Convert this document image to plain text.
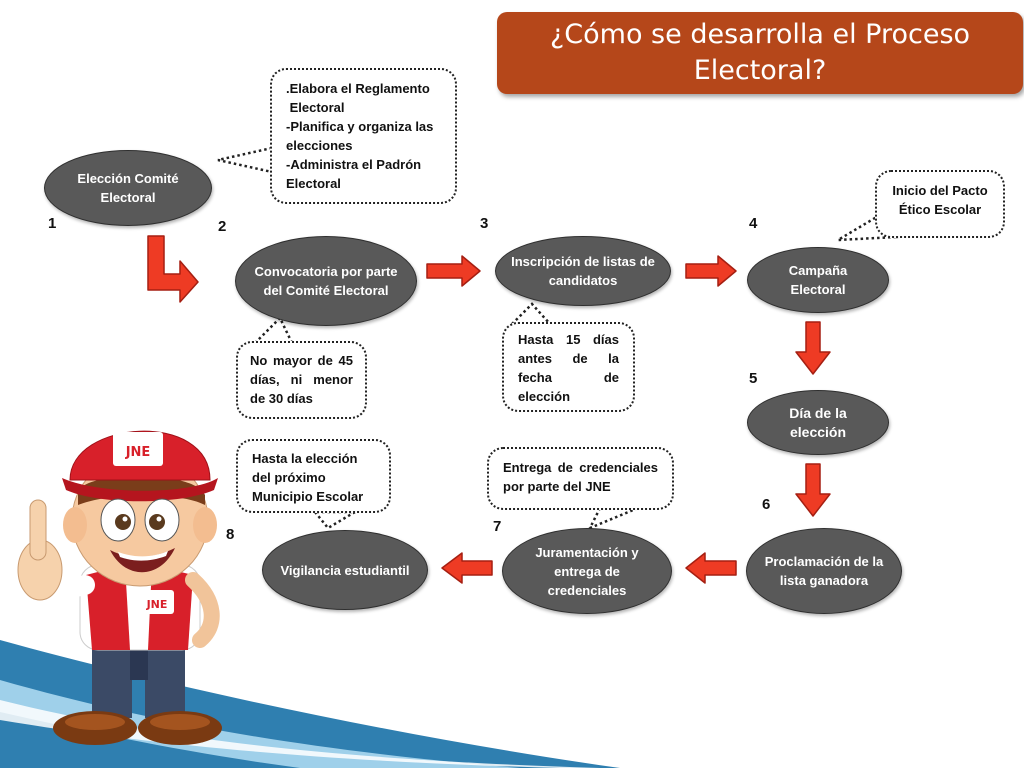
¿Cómo se desarrolla el Proceso Electoral?
.Elabora el Reglamento
Electoral
-Planifica y organiza las elecciones
-Administra el Padrón Electoral	Inicio del Pacto Ético Escolar
No mayor de 45 días, ni menor de 30 días
Hasta 15 días antes de la fecha de elección
Entrega de credenciales por parte del JNE
Hasta la elección del próximo Municipio Escolar
Elección Comité Electoral
Convocatoria por parte del Comité Electoral
Inscripción de listas de candidatos
Campaña Electoral
Día de la elección
Proclamación de la lista ganadora
Juramentación y entrega de credenciales
Vigilancia estudiantil
1	2	3	4
5
6
7
8
JNE
JNE
